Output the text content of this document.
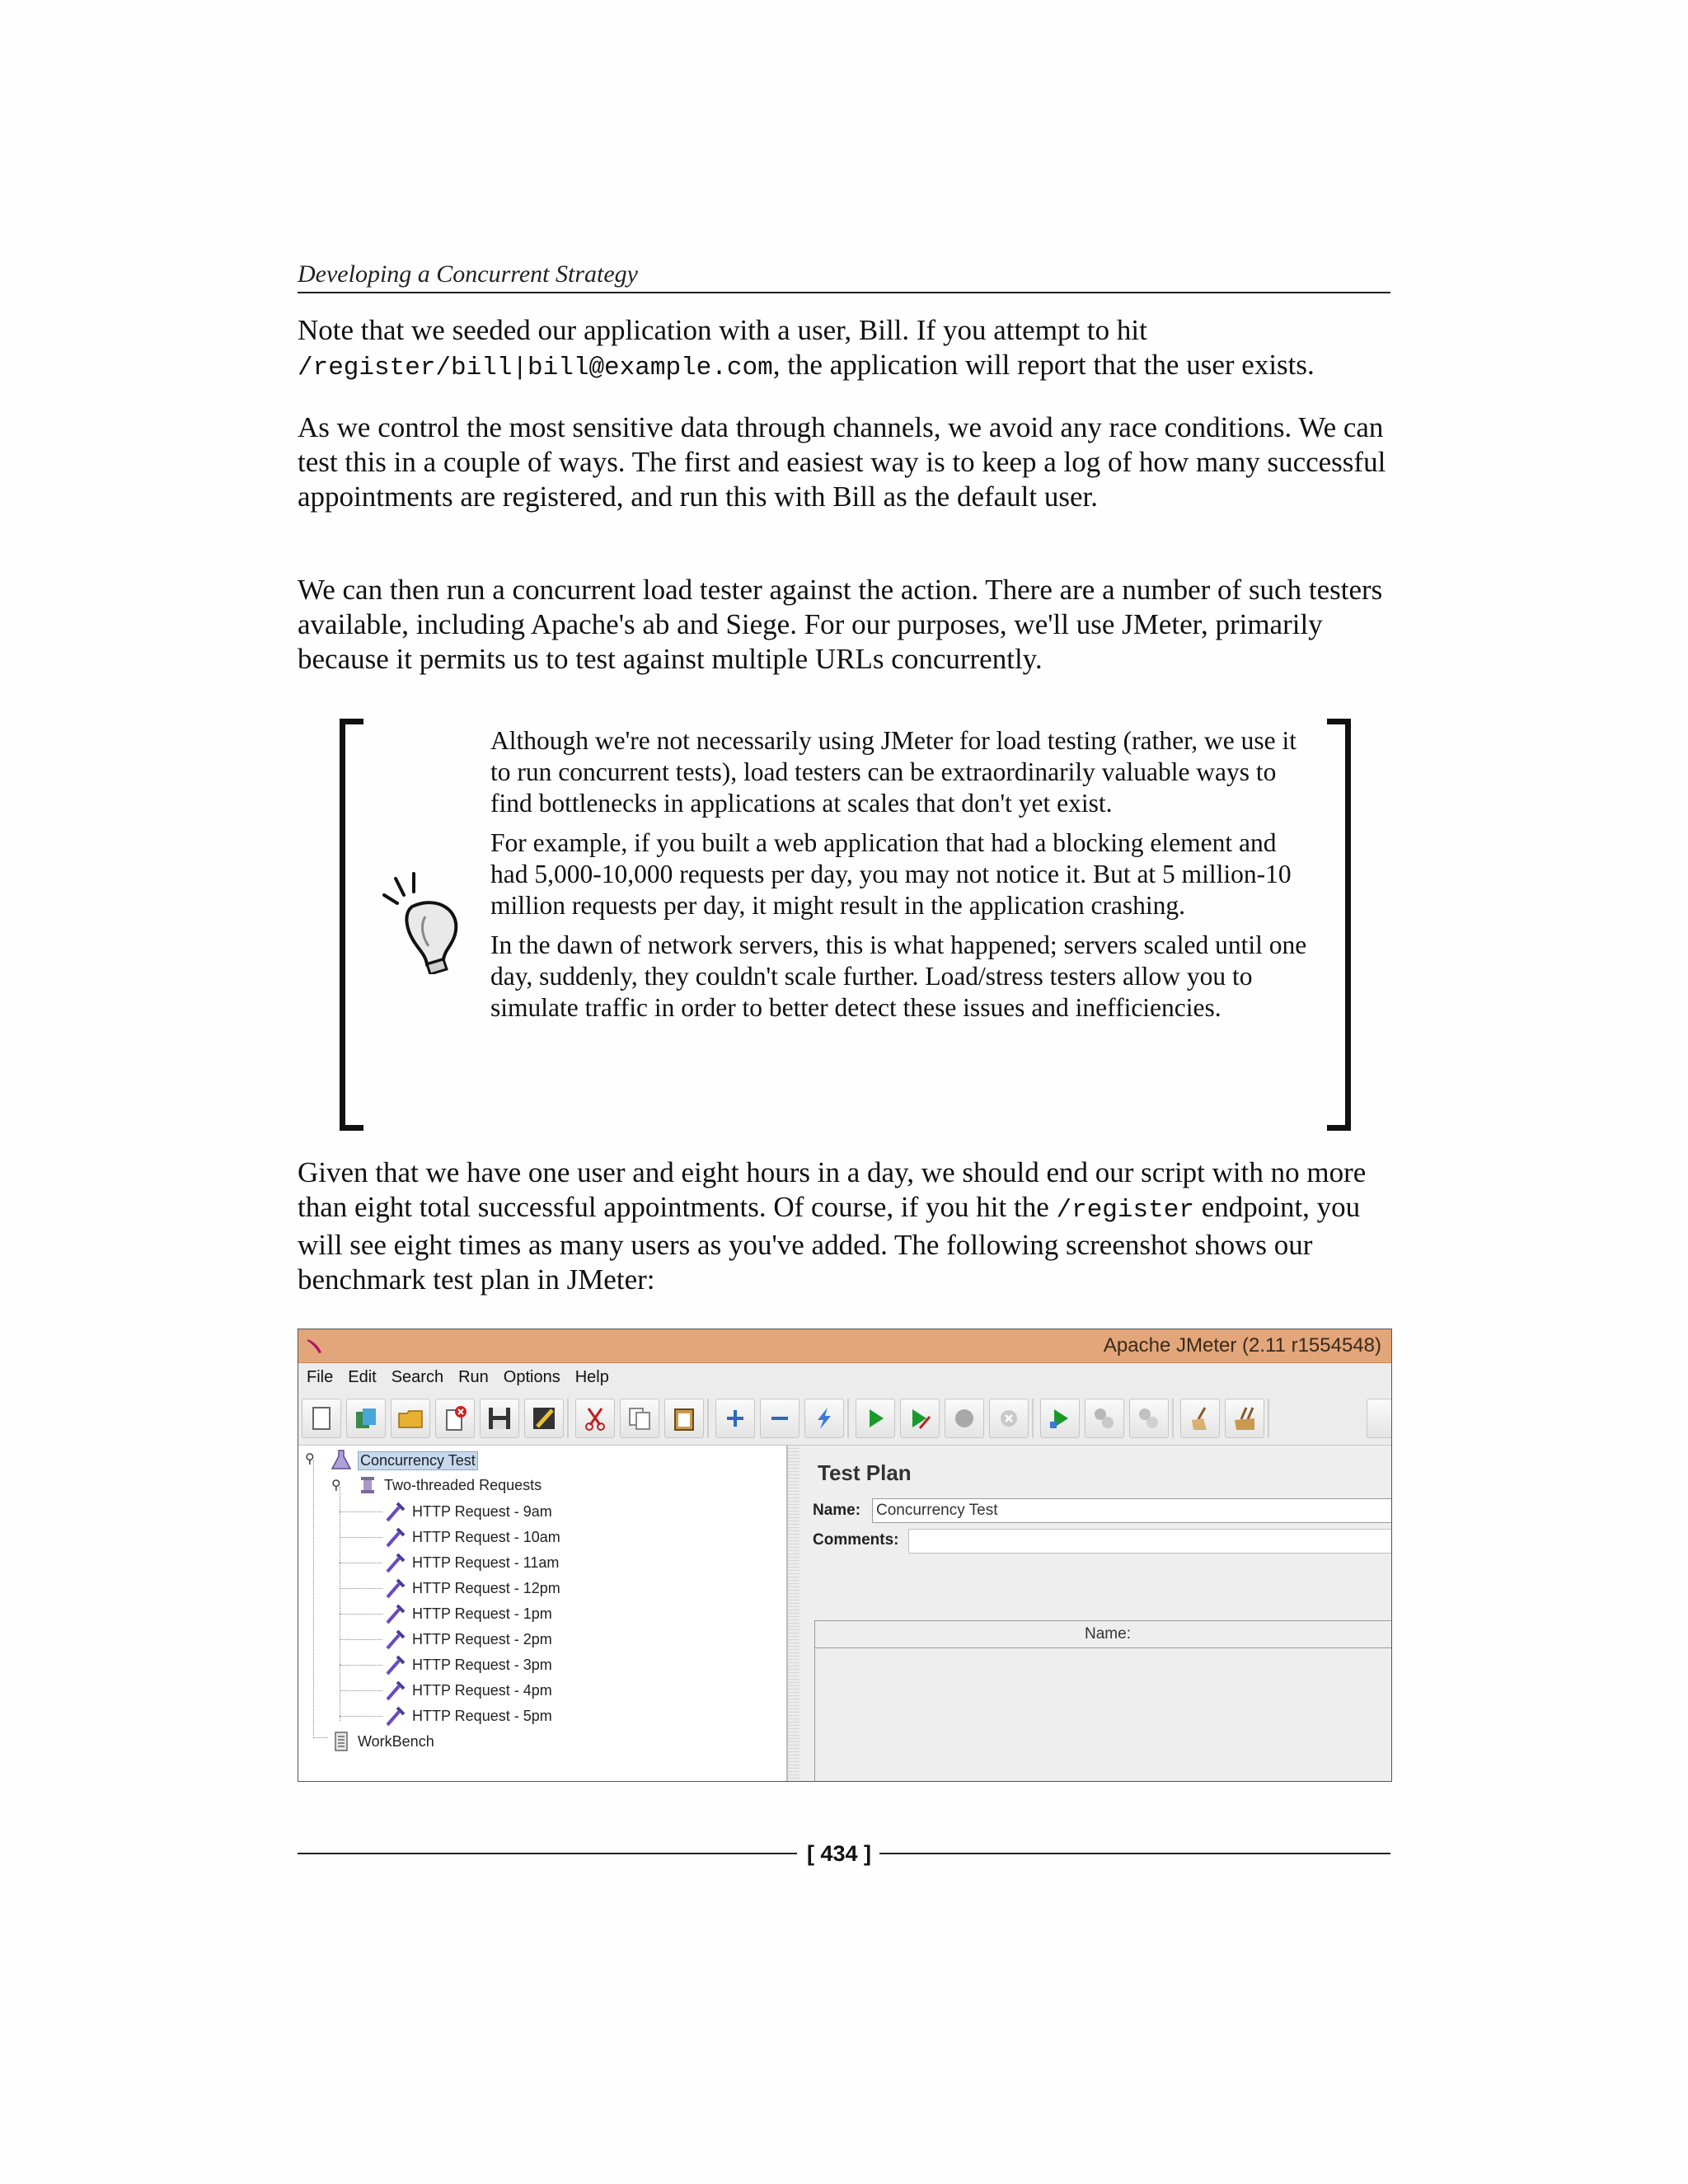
Developing a Concurrent Strategy
Note that we seeded our application with a user, Bill. If you attempt to hit
/register/bill|bill@example.com, the application will report that the user exists.
As we control the most sensitive data through channels, we avoid any race conditions. We can test this in a couple of ways. The first and easiest way is to keep a log of how many successful appointments are registered, and run this with Bill as the default user.
We can then run a concurrent load tester against the action. There are a number of such testers available, including Apache's ab and Siege. For our purposes, we'll use JMeter, primarily because it permits us to test against multiple URLs concurrently.

Although we're not necessarily using JMeter for load testing (rather, we use it to run concurrent tests), load testers can be extraordinarily valuable ways to find bottlenecks in applications at scales that don't yet exist.

For example, if you built a web application that had a blocking element and had 5,000-10,000 requests per day, you may not notice it. But at 5 million-10 million requests per day, it might result in the application crashing.

In the dawn of network servers, this is what happened; servers scaled until one day, suddenly, they couldn't scale further. Load/stress testers allow you to simulate traffic in order to better detect these issues and inefficiencies.

Given that we have one user and eight hours in a day, we should end our script with no more than eight total successful appointments. Of course, if you hit the /register endpoint, you will see eight times as many users as you've added. The following screenshot shows our benchmark test plan in JMeter:
Apache JMeter (2.11 r1554548)
File Edit Search Run Options Help
⚲
⚲
Concurrency Test
Two-threaded Requests
HTTP Request - 9am
HTTP Request - 10am
HTTP Request - 11am
HTTP Request - 12pm
HTTP Request - 1pm
HTTP Request - 2pm
HTTP Request - 3pm
HTTP Request - 4pm
HTTP Request - 5pm
WorkBench
Test Plan
Name: Concurrency Test
Comments:
Name:
[ 434 ]
